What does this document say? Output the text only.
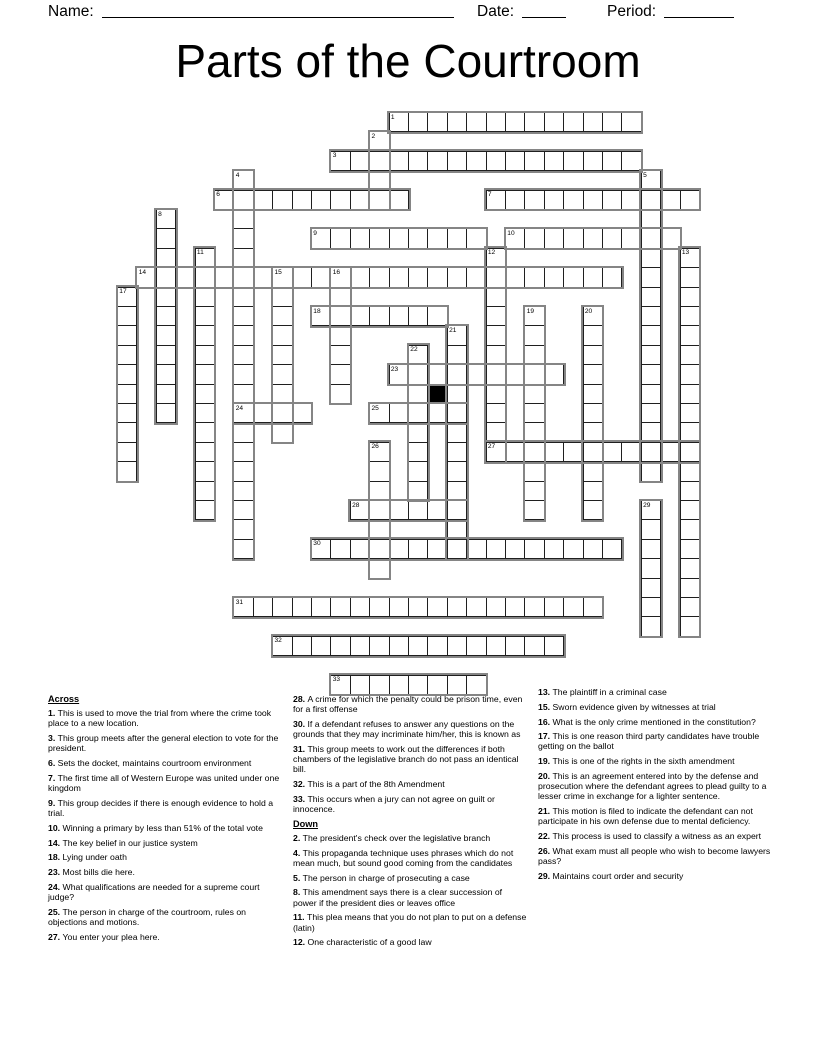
Name:	Date:	Period:
Parts of the Courtroom
1
3
6	7
9	10
14
18
23
24	25
27
28
30
31
32
33
2
4	5
8
11	12	13
15	16
17
19	20
21
22
26
29
Across
1. This is used to move the trial from where the crime took place to a new location.
3. This group meets after the general election to vote for the president.
6. Sets the docket, maintains courtroom environment
7. The first time all of Western Europe was united under one kingdom
9. This group decides if there is enough evidence to hold a trial.
10. Winning a primary by less than 51% of the total vote
14. The key belief in our justice system
18. Lying under oath
23. Most bills die here.
24. What qualifications are needed for a supreme court judge?
25. The person in charge of the courtroom, rules on objections and motions.
27. You enter your plea here.
28. A crime for which the penalty could be prison time, even for a first offense
30. If a defendant refuses to answer any questions on the grounds that they may incriminate him/her, this is known as
31. This group meets to work out the differences if both chambers of the legislative branch do not pass an identical bill.
32. This is a part of the 8th Amendment
33. This occurs when a jury can not agree on guilt or innocence.
Down
2. The president's check over the legislative branch
4. This propaganda technique uses phrases which do not mean much, but sound good coming from the candidates
5. The person in charge of prosecuting a case
8. This amendment says there is a clear succession of power if the president dies or leaves office
11. This plea means that you do not plan to put on a defense (latin)
12. One characteristic of a good law
13. The plaintiff in a criminal case
15. Sworn evidence given by witnesses at trial
16. What is the only crime mentioned in the constitution?
17. This is one reason third party candidates have trouble getting on the ballot
19. This is one of the rights in the sixth amendment
20. This is an agreement entered into by the defense and prosecution where the defendant agrees to plead guilty to a lesser crime in exchange for a lighter sentence.
21. This motion is filed to indicate the defendant can not participate in his own defense due to mental deficiency.
22. This process is used to classify a witness as an expert
26. What exam must all people who wish to become lawyers pass?
29. Maintains court order and security
